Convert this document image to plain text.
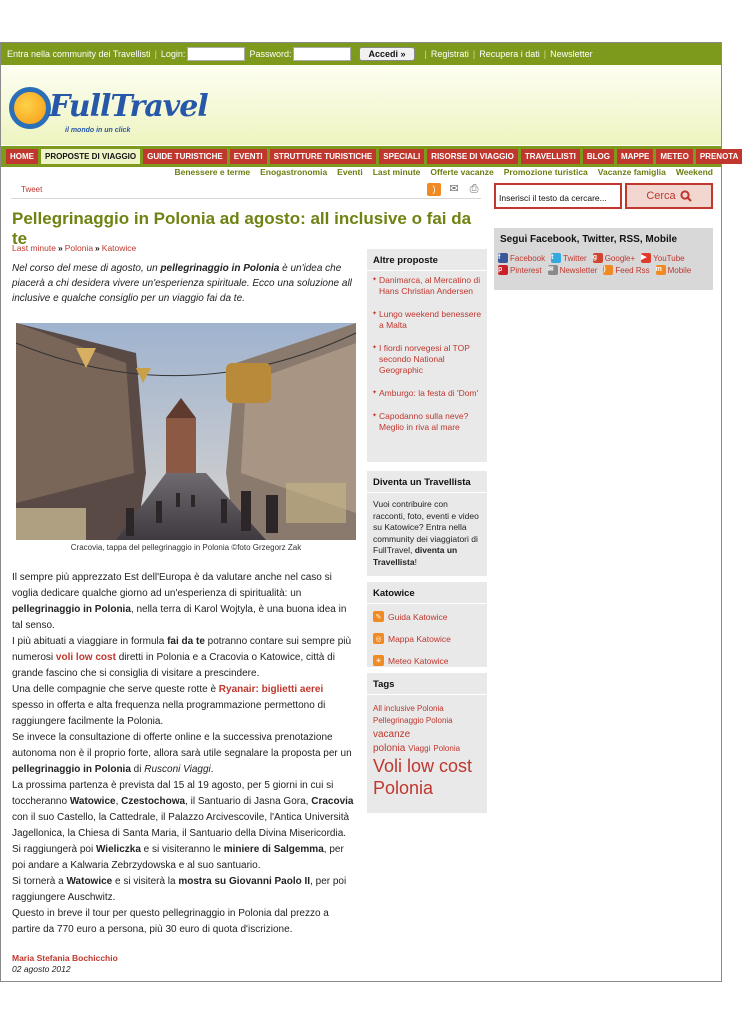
Entra nella community dei Travellisti | Login:	Password:	Accedi »	| Registrati | Recupera i dati | Newsletter
FullTravel
il mondo in un click
HOME	PROPOSTE DI VIAGGIO	GUIDE TURISTICHE	EVENTI	STRUTTURE TURISTICHE	SPECIALI	RISORSE DI VIAGGIO	TRAVELLISTI	BLOG	MAPPE	METEO	PRENOTA
Benessere e terme Enogastronomia Eventi Last minute Offerte vacanze Promozione turistica Vacanze famiglia Weekend
Tweet	)	✉ ⎙
Inserisci il testo da cercare...	Cerca
Pellegrinaggio in Polonia ad agosto: all inclusive o fai da te
Last minute » Polonia » Katowice
Nel corso del mese di agosto, un pellegrinaggio in Polonia è un'idea che piacerà a chi desidera vivere un'esperienza spirituale. Ecco una soluzione all inclusive e qualche consiglio per un viaggio fai da te.
Cracovia, tappa del pellegrinaggio in Polonia ©foto Grzegorz Zak

Il sempre più apprezzato Est dell'Europa è da valutare anche nel caso si voglia dedicare qualche giorno ad un'esperienza di spiritualità: un pellegrinaggio in Polonia, nella terra di Karol Wojtyla, è una buona idea in tal senso.

I più abituati a viaggiare in formula fai da te potranno contare sui sempre più numerosi voli low cost diretti in Polonia e a Cracovia o Katowice, città di grande fascino che si consiglia di visitare a prescindere.

Una delle compagnie che serve queste rotte è Ryanair: biglietti aerei spesso in offerta e alta frequenza nella programmazione permettono di raggiungere facilmente la Polonia.

Se invece la consultazione di offerte online e la successiva prenotazione autonoma non è il proprio forte, allora sarà utile segnalare la proposta per un pellegrinaggio in Polonia di Rusconi Viaggi.

La prossima partenza è prevista dal 15 al 19 agosto, per 5 giorni in cui si toccheranno Watowice, Czestochowa, il Santuario di Jasna Gora, Cracovia con il suo Castello, la Cattedrale, il Palazzo Arcivescovile, l'Antica Università Jagellonica, la Chiesa di Santa Maria, il Santuario della Divina Misericordia.

Si raggiungerà poi Wieliczka e si visiteranno le miniere di Salgemma, per poi andare a Kalwaria Zebrzydowska e al suo santuario.

Si tornerà a Watowice e si visiterà la mostra su Giovanni Paolo II, per poi raggiungere Auschwitz.

Questo in breve il tour per questo pellegrinaggio in Polonia dal prezzo a partire da 770 euro a persona, più 30 euro di quota d'iscrizione.

Maria Stefania Bochicchio
02 agosto 2012
Altre proposte
✦ Danimarca, al Mercatino di Hans Christian Andersen
✦ Lungo weekend benessere a Malta
✦ I fiordi norvegesi al TOP secondo National Geographic
✦ Amburgo: la festa di 'Dom'
✦ Capodanno sulla neve? Meglio in riva al mare
Diventa un Travellista
Vuoi contribuire con racconti, foto, eventi e video su Katowice? Entra nella community dei viaggiatori di FullTravel, diventa un Travellista!
Katowice
✎ Guida Katowice
◎ Mappa Katowice
☀ Meteo Katowice
Tags
All inclusive Polonia
Pellegrinaggio Polonia
vacanze polonia Viaggi Polonia
Voli low cost
Polonia
Segui Facebook, Twitter, RSS, Mobile
f	Facebook t	Twitter g Google+ ▶ YouTube
p Pinterest ✉ Newsletter )	Feed Rss m Mobile
